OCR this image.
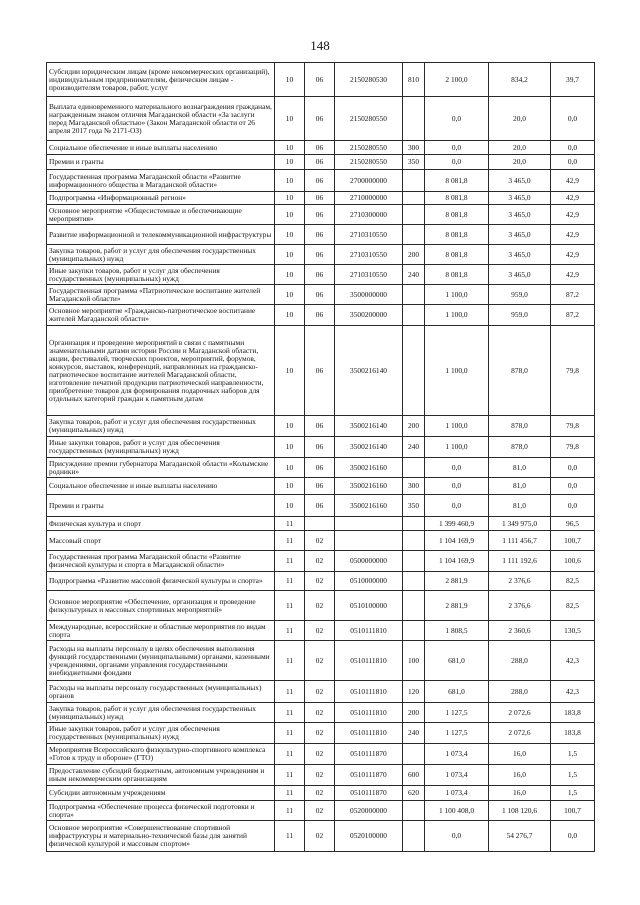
148
Субсидии юридическим лицам (кроме некоммерческих организаций), индивидуальным предпринимателям, физическим лицам - производителям товаров, работ, услуг	10	06	2150280530	810	2 100,0	834,2	39,7
Выплата единовременного материального вознаграждения гражданам, награжденным знаком отличия Магаданской области «За заслуги перед Магаданской областью» (Закон Магаданской области от 26 апреля 2017 года № 2171-ОЗ)	10	06	2150280550		0,0	20,0	0,0
Социальное обеспечение и иные выплаты населению	10	06	2150280550	300	0,0	20,0	0,0
Премии и гранты	10	06	2150280550	350	0,0	20,0	0,0
Государственная программа Магаданской области «Развитие информационного общества в Магаданской области»	10	06	2700000000		8 081,8	3 465,0	42,9
Подпрограмма «Информационный регион»	10	06	2710000000		8 081,8	3 465,0	42,9
Основное мероприятие «Общесистемные и обеспечивающие мероприятия»	10	06	2710300000		8 081,8	3 465,0	42,9
Развитие информационной и телекоммуникационной инфраструктуры	10	06	2710310550		8 081,8	3 465,0	42,9
Закупка товаров, работ и услуг для обеспечения государственных (муниципальных) нужд	10	06	2710310550	200	8 081,8	3 465,0	42,9
Иные закупки товаров, работ и услуг для обеспечения государственных (муниципальных) нужд	10	06	2710310550	240	8 081,8	3 465,0	42,9
Государственная программа «Патриотическое воспитание жителей Магаданской области»	10	06	3500000000		1 100,0	959,0	87,2
Основное мероприятие «Гражданско-патриотическое воспитание жителей Магаданской области»	10	06	3500200000		1 100,0	959,0	87,2
Организация и проведение мероприятий в связи с памятными знаменательными датами истории России и Магаданской области, акции, фестивалей, творческих проектов, мероприятий, форумов, конкурсов, выставок, конференций, направленных на гражданско-патриотическое воспитание жителей Магаданской области, изготовление печатной продукции патриотической направленности, приобретение товаров для формирования подарочных наборов для отдельных категорий граждан к памятным датам	10	06	3500216140		1 100,0	878,0	79,8
Закупка товаров, работ и услуг для обеспечения государственных (муниципальных) нужд	10	06	3500216140	200	1 100,0	878,0	79,8
Иные закупки товаров, работ и услуг для обеспечения государственных (муниципальных) нужд	10	06	3500216140	240	1 100,0	878,0	79,8
Присуждение премии губернатора Магаданской области «Колымские родники»	10	06	3500216160		0,0	81,0	0,0
Социальное обеспечение и иные выплаты населению	10	06	3500216160	300	0,0	81,0	0,0
Премии и гранты	10	06	3500216160	350	0,0	81,0	0,0
Физическая культура и спорт	11				1 399 460,9	1 349 975,0	96,5
Массовый спорт	11	02			1 104 169,9	1 111 456,7	100,7
Государственная программа Магаданской области «Развитие физической культуры и спорта в Магаданской области»	11	02	0500000000		1 104 169,9	1 111 192,6	100,6
Подпрограмма «Развитие массовой физической культуры и спорта»	11	02	0510000000		2 881,9	2 376,6	82,5
Основное мероприятие «Обеспечение, организация и проведение физкультурных и массовых спортивных мероприятий»	11	02	0510100000		2 881,9	2 376,6	82,5
Международные, всероссийские и областные мероприятия по видам спорта	11	02	0510111810		1 808,5	2 360,6	130,5
Расходы на выплаты персоналу в целях обеспечения выполнения функций государственными (муниципальными) органами, казенными учреждениями, органами управления государственными внебюджетными фондами	11	02	0510111810	100	681,0	288,0	42,3
Расходы на выплаты персоналу государственных (муниципальных) органов	11	02	0510111810	120	681,0	288,0	42,3
Закупка товаров, работ и услуг для обеспечения государственных (муниципальных) нужд	11	02	0510111810	200	1 127,5	2 072,6	183,8
Иные закупки товаров, работ и услуг для обеспечения государственных (муниципальных) нужд	11	02	0510111810	240	1 127,5	2 072,6	183,8
Мероприятия Всероссийского физкультурно-спортивного комплекса «Готов к труду и обороне» (ГТО)	11	02	0510111870		1 073,4	16,0	1,5
Предоставление субсидий бюджетным, автономным учреждениям и иным некоммерческим организациям	11	02	0510111870	600	1 073,4	16,0	1,5
Субсидии автономным учреждениям	11	02	0510111870	620	1 073,4	16,0	1,5
Подпрограмма «Обеспечение процесса физической подготовки и спорта»	11	02	0520000000		1 100 408,0	1 108 120,6	100,7
Основное мероприятие «Совершенствование спортивной инфраструктуры и материально-технической базы для занятий физической культурой и массовым спортом»	11	02	0520100000		0,0	54 276,7	0,0
